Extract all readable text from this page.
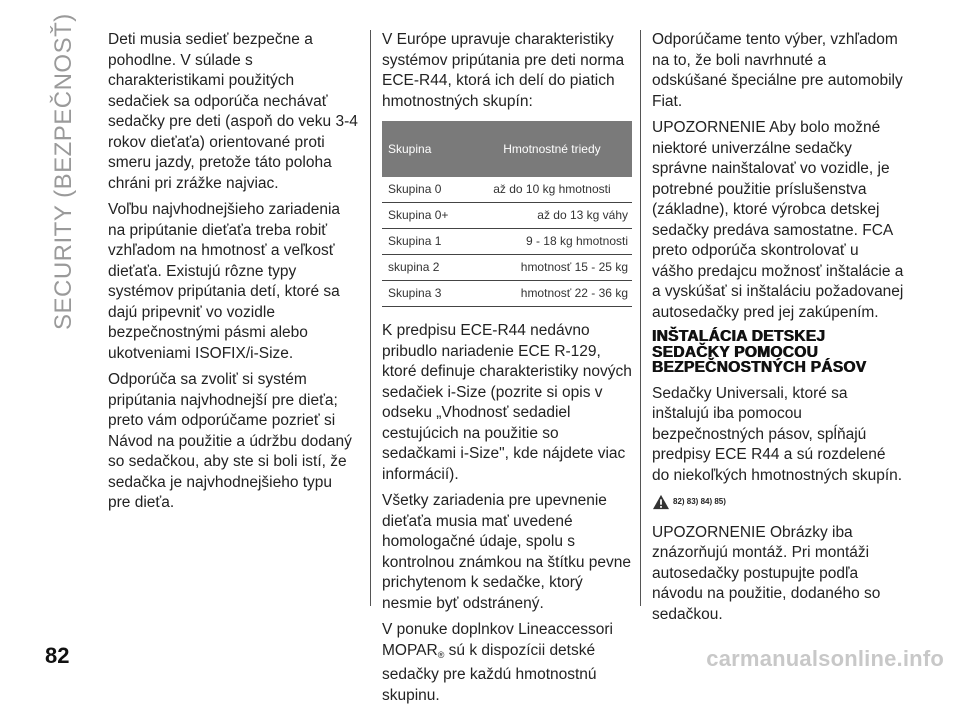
SECURITY (BEZPEČNOSŤ)	Deti musia sedieť bezpečne a pohodlne. V súlade s charakteristikami použitých sedačiek sa odporúča nechávať sedačky pre deti (aspoň do veku 3-4 rokov dieťaťa) orientované proti smeru jazdy, pretože táto poloha chráni pri zrážke najviac.

Voľbu najvhodnejšieho zariadenia na pripútanie dieťaťa treba robiť vzhľadom na hmotnosť a veľkosť dieťaťa. Existujú rôzne typy systémov pripútania detí, ktoré sa dajú pripevniť vo vozidle bezpečnostnými pásmi alebo ukotveniami ISOFIX/i-Size.

Odporúča sa zvoliť si systém pripútania najvhodnejší pre dieťa; preto vám odporúčame pozrieť si Návod na použitie a údržbu dodaný so sedačkou, aby ste si boli istí, že sedačka je najvhodnejšieho typu pre dieťa.

V Európe upravuje charakteristiky systémov pripútania pre deti norma ECE-R44, ktorá ich delí do piatich hmotnostných skupín:

Skupina	Hmotnostné triedy
Skupina 0	až do 10 kg hmotnosti
Skupina 0+	až do 13 kg váhy
Skupina 1	9 - 18 kg hmotnosti
skupina 2	hmotnosť 15 - 25 kg
Skupina 3	hmotnosť 22 - 36 kg

K predpisu ECE-R44 nedávno pribudlo nariadenie ECE R-129, ktoré definuje charakteristiky nových sedačiek i-Size (pozrite si opis v odseku „Vhodnosť sedadiel cestujúcich na použitie so sedačkami i-Size", kde nájdete viac informácií).

Všetky zariadenia pre upevnenie dieťaťa musia mať uvedené homologačné údaje, spolu s kontrolnou známkou na štítku pevne prichytenom k sedačke, ktorý nesmie byť odstránený.

V ponuke doplnkov Lineaccessori $MOPAR_®$ sú k dispozícii detské sedačky pre každú hmotnostnú skupinu.

Odporúčame tento výber, vzhľadom na to, že boli navrhnuté a odskúšané špeciálne pre automobily Fiat.

UPOZORNENIE Aby bolo možné niektoré univerzálne sedačky správne nainštalovať vo vozidle, je potrebné použitie príslušenstva (základne), ktoré výrobca detskej sedačky predáva samostatne. FCA preto odporúča skontrolovať u vášho predajcu možnosť inštalácie a a vyskúšať si inštaláciu požadovanej autosedačky pred jej zakúpením.

INŠTALÁCIA DETSKEJ SEDAČKY POMOCOU BEZPEČNOSTNÝCH PÁSOV

Sedačky Universali, ktoré sa inštalujú iba pomocou bezpečnostných pásov, spĺňajú predpisy ECE R44 a sú rozdelené do niekoľkých hmotnostných skupín.

82) 83) 84) 85)

UPOZORNENIE Obrázky iba znázorňujú montáž. Pri montáži autosedačky postupujte podľa návodu na použitie, dodaného so sedačkou.

82	carmanualsonline.info
